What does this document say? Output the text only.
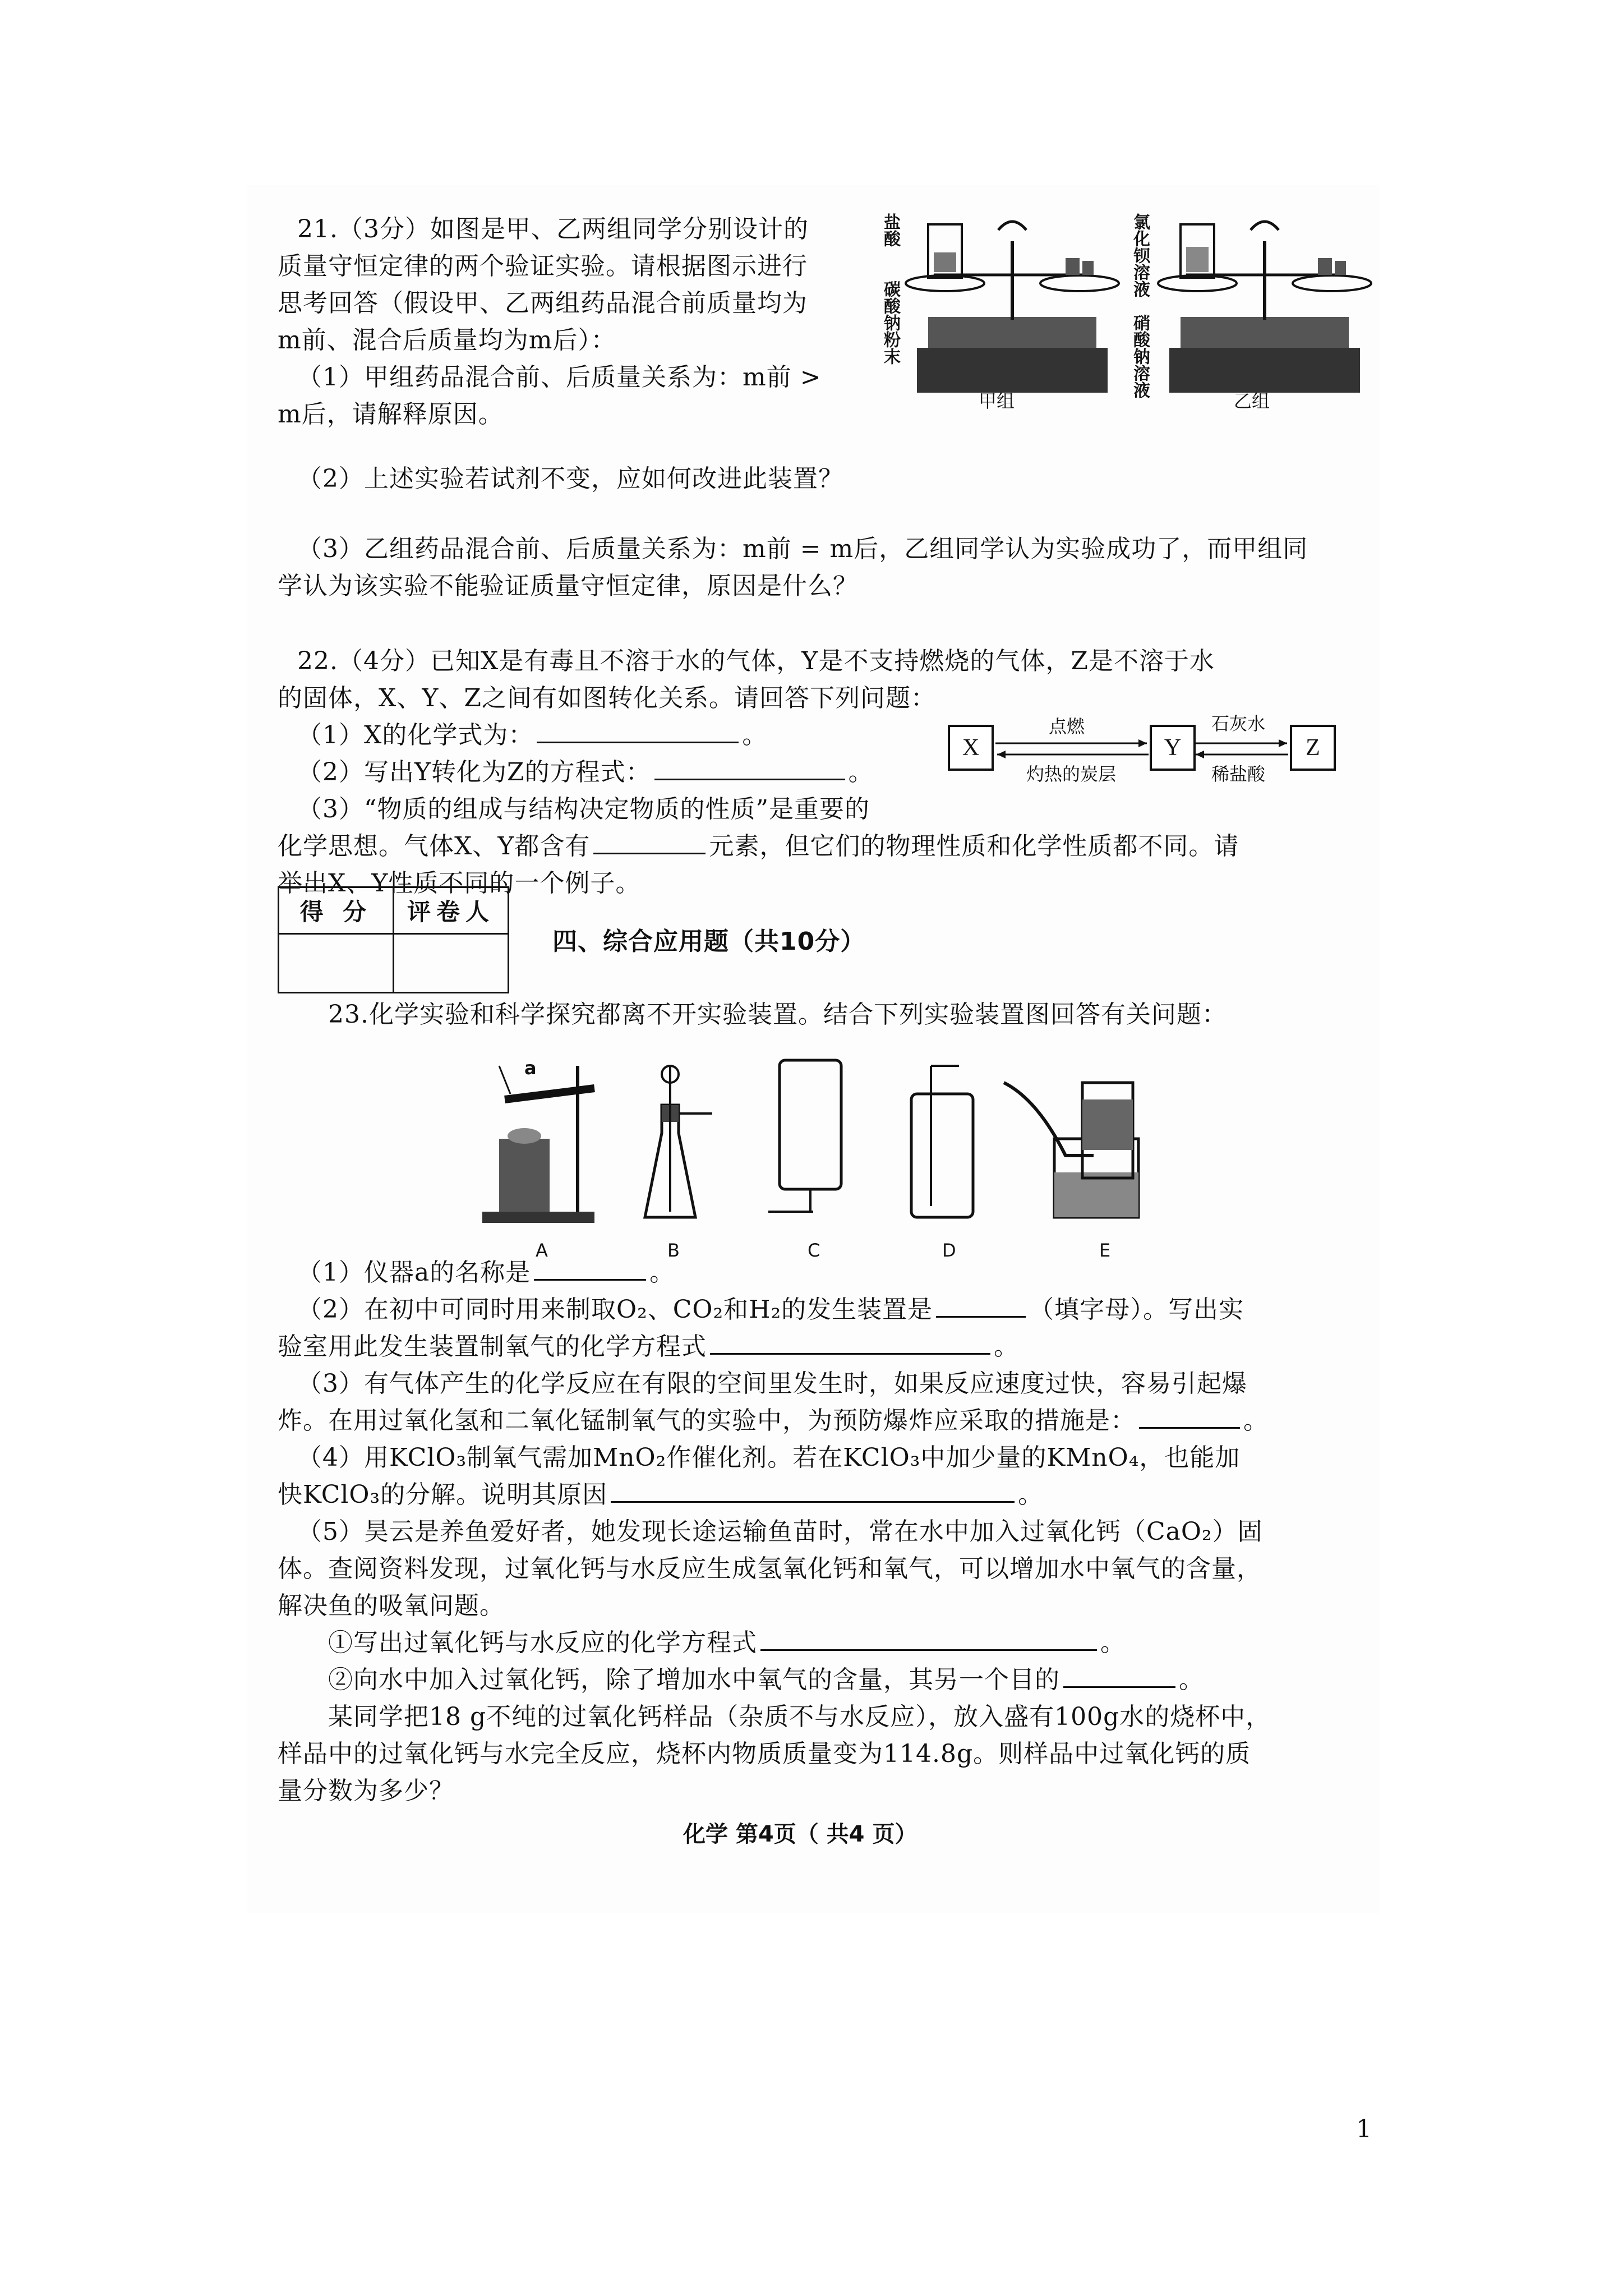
21.（3分）如图是甲、乙两组同学分别设计的
质量守恒定律的两个验证实验。请根据图示进行
思考回答（假设甲、乙两组药品混合前质量均为
m前、混合后质量均为m后）：
（1）甲组药品混合前、后质量关系为：m前 >
m后，请解释原因。
（2）上述实验若试剂不变，应如何改进此装置？
（3）乙组药品混合前、后质量关系为：m前 = m后，乙组同学认为实验成功了，而甲组同
学认为该实验不能验证质量守恒定律，原因是什么？
盐酸
碳酸钠粉末
甲组
氯化钡溶液
硝酸钠溶液
乙组
22.（4分）已知X是有毒且不溶于水的气体，Y是不支持燃烧的气体，Z是不溶于水
的固体，X、Y、Z之间有如图转化关系。请回答下列问题：
（1）X的化学式为：	。
（2）写出Y转化为Z的方程式：	。
（3）“物质的组成与结构决定物质的性质”是重要的
化学思想。气体X、Y都含有	元素，但它们的物理性质和化学性质都不同。请
举出X、Y性质不同的一个例子。
X	Y	Z
点燃
灼热的炭层
石灰水
稀盐酸
得 分	评卷人

四、综合应用题（共10分）
23.化学实验和科学探究都离不开实验装置。结合下列实验装置图回答有关问题：
a
A	B	C	D	E
（1）仪器a的名称是	。
（2）在初中可同时用来制取O₂、CO₂和H₂的发生装置是	（填字母）。写出实
验室用此发生装置制氧气的化学方程式	。
（3）有气体产生的化学反应在有限的空间里发生时，如果反应速度过快，容易引起爆
炸。在用过氧化氢和二氧化锰制氧气的实验中，为预防爆炸应采取的措施是：	。
（4）用KClO₃制氧气需加MnO₂作催化剂。若在KClO₃中加少量的KMnO₄，也能加
快KClO₃的分解。说明其原因	。
（5）昊云是养鱼爱好者，她发现长途运输鱼苗时，常在水中加入过氧化钙（CaO₂）固
体。查阅资料发现，过氧化钙与水反应生成氢氧化钙和氧气，可以增加水中氧气的含量，
解决鱼的吸氧问题。
①写出过氧化钙与水反应的化学方程式	。
②向水中加入过氧化钙，除了增加水中氧气的含量，其另一个目的	。
某同学把18 g不纯的过氧化钙样品（杂质不与水反应），放入盛有100g水的烧杯中，
样品中的过氧化钙与水完全反应，烧杯内物质质量变为114.8g。则样品中过氧化钙的质
量分数为多少？
化学 第4页（ 共4 页）
1
